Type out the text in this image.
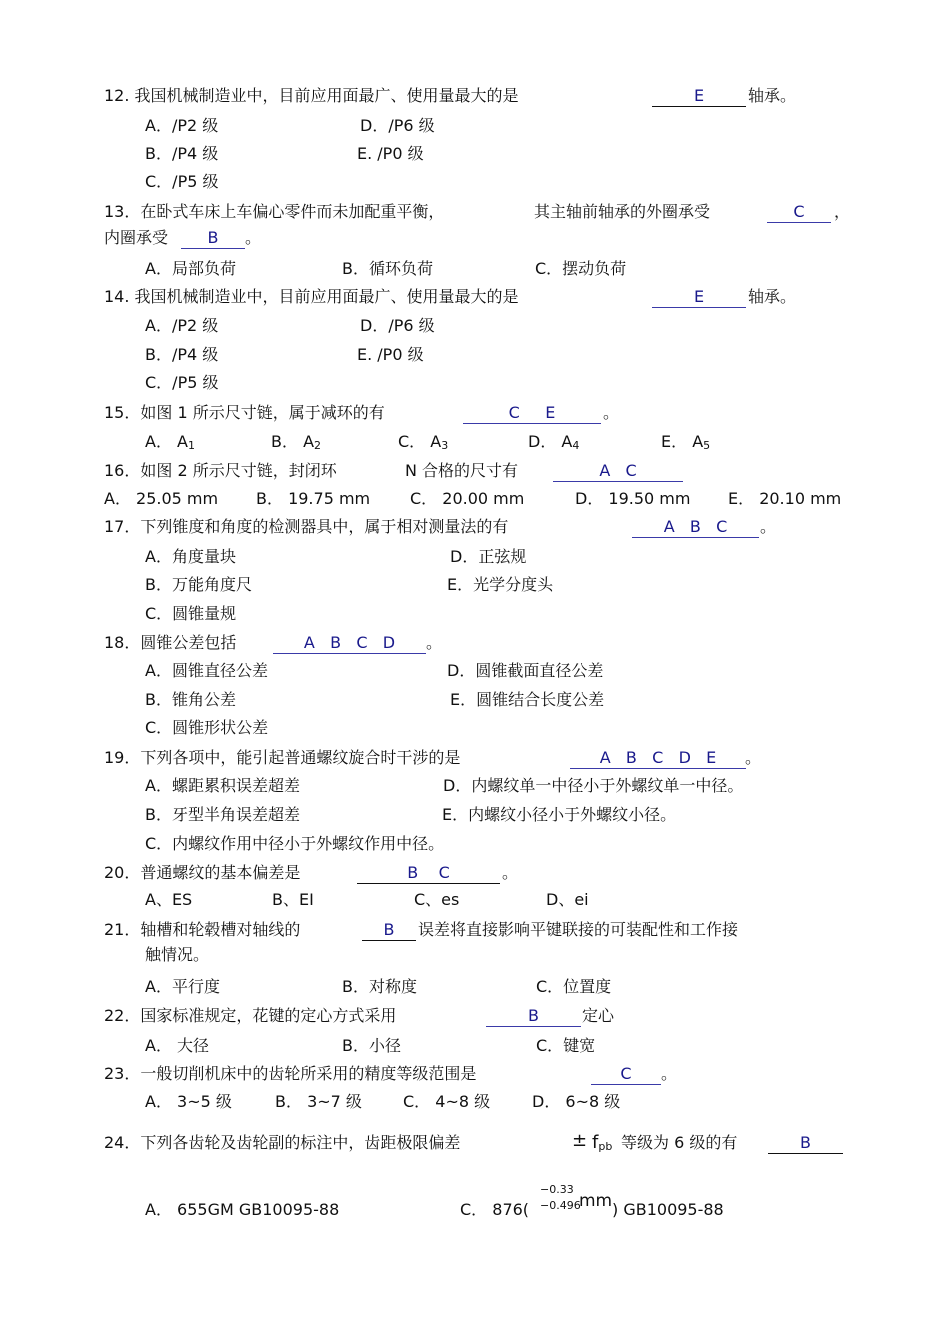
12. 我国机械制造业中，目前应用面最广、使用量最大的是	E	轴承。
A．/P2 级	D．/P6 级
B．/P4 级	E. /P0 级
C．/P5 级
13．在卧式车床上车偏心零件而未加配重平衡，	其主轴前轴承的外圈承受	C	，
内圈承受	B	。
A．局部负荷	B．循环负荷	C．摆动负荷
14. 我国机械制造业中，目前应用面最广、使用量最大的是	E	轴承。
A．/P2 级	D．/P6 级
B．/P4 级	E. /P0 级
C．/P5 级
15．如图 1 所示尺寸链，属于减环的有	C     E	。
A． $A_1$	B． $A_2$	C． $A_3$	D． $A_4$	E． $A_5$
16．如图 2 所示尺寸链，封闭环	N 合格的尺寸有	A   C
A． 25.05 mm B． 19.75 mm C． 20.00 mm	D． 19.50 mm E． 20.10 mm
17．下列锥度和角度的检测器具中，属于相对测量法的有	A   B   C	。
A．角度量块	D．正弦规
B．万能角度尺	E．光学分度头
C．圆锥量规
18．圆锥公差包括	A   B   C   D	。
A．圆锥直径公差	D．圆锥截面直径公差
B．锥角公差	E．圆锥结合长度公差
C．圆锥形状公差
19．下列各项中，能引起普通螺纹旋合时干涉的是	A   B   C   D   E	。
A．螺距累积误差超差	D．内螺纹单一中径小于外螺纹单一中径。
B．牙型半角误差超差	E．内螺纹小径小于外螺纹小径。
C．内螺纹作用中径小于外螺纹作用中径。
20．普通螺纹的基本偏差是	B    C	。
A、ES	B、EI	C、es	D、ei
21．轴槽和轮毂槽对轴线的	B	误差将直接影响平键联接的可装配性和工作接
触情况。
A．平行度	B．对称度	C．位置度
22．国家标准规定，花键的定心方式采用	B	定心
A． 大径	B．小径	C．键宽
23．一般切削机床中的齿轮所采用的精度等级范围是	C	。
A． 3~5 级	B． 3~7 级	C． 4~8 级	D． 6~8 级
24．下列各齿轮及齿轮副的标注中，齿距极限偏差	± $f_{pb}$ 等级为 6 级的有	B
A． 655GM GB10095-88	C． 876(
−0.33
−0.496
mm ) GB10095-88
